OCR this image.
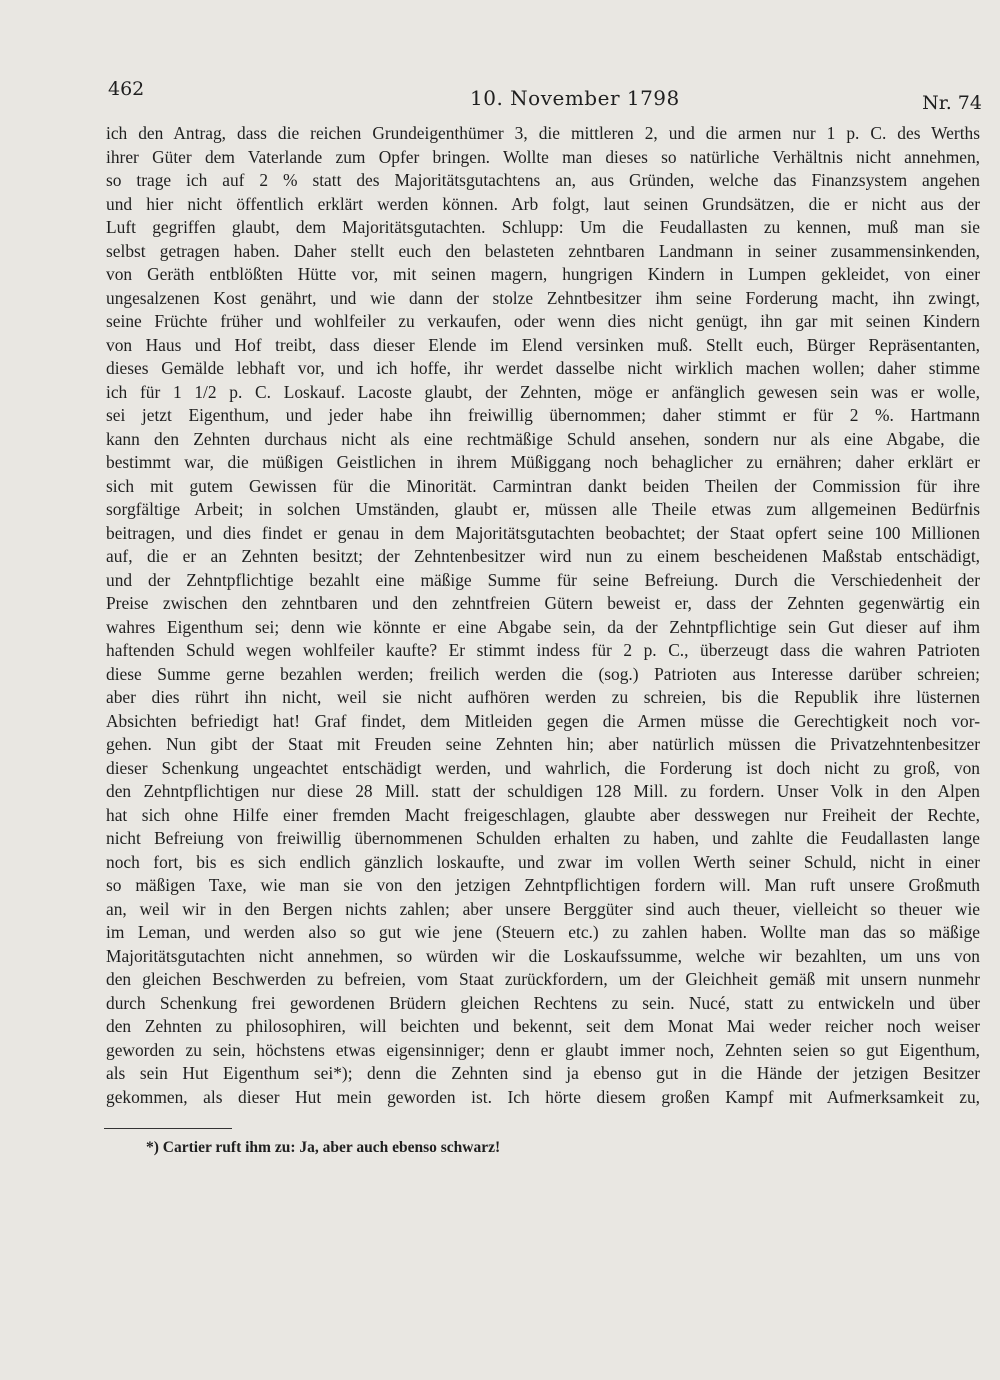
462	10. November 1798	Nr. 74
ich den Antrag, dass die reichen Grundeigenthümer 3, die mittleren 2, und die armen nur 1 p. C. des Werths
ihrer Güter dem Vaterlande zum Opfer bringen. Wollte man dieses so natürliche Verhältnis nicht annehmen,
so trage ich auf 2 % statt des Majoritätsgutachtens an, aus Gründen, welche das Finanzsystem angehen
und hier nicht öffentlich erklärt werden können. Arb folgt, laut seinen Grundsätzen, die er nicht aus der
Luft gegriffen glaubt, dem Majoritätsgutachten. Schlupp: Um die Feudallasten zu kennen, muß man sie
selbst getragen haben. Daher stellt euch den belasteten zehntbaren Landmann in seiner zusammensinkenden,
von Geräth entblößten Hütte vor, mit seinen magern, hungrigen Kindern in Lumpen gekleidet, von einer
ungesalzenen Kost genährt, und wie dann der stolze Zehntbesitzer ihm seine Forderung macht, ihn zwingt,
seine Früchte früher und wohlfeiler zu verkaufen, oder wenn dies nicht genügt, ihn gar mit seinen Kindern
von Haus und Hof treibt, dass dieser Elende im Elend versinken muß. Stellt euch, Bürger Repräsentanten,
dieses Gemälde lebhaft vor, und ich hoffe, ihr werdet dasselbe nicht wirklich machen wollen; daher stimme
ich für 1 1/2 p. C. Loskauf. Lacoste glaubt, der Zehnten, möge er anfänglich gewesen sein was er wolle,
sei jetzt Eigenthum, und jeder habe ihn freiwillig übernommen; daher stimmt er für 2 %. Hartmann
kann den Zehnten durchaus nicht als eine rechtmäßige Schuld ansehen, sondern nur als eine Abgabe, die
bestimmt war, die müßigen Geistlichen in ihrem Müßiggang noch behaglicher zu ernähren; daher erklärt er
sich mit gutem Gewissen für die Minorität. Carmintran dankt beiden Theilen der Commission für ihre
sorgfältige Arbeit; in solchen Umständen, glaubt er, müssen alle Theile etwas zum allgemeinen Bedürfnis
beitragen, und dies findet er genau in dem Majoritätsgutachten beobachtet; der Staat opfert seine 100 Millionen
auf, die er an Zehnten besitzt; der Zehntenbesitzer wird nun zu einem bescheidenen Maßstab entschädigt,
und der Zehntpflichtige bezahlt eine mäßige Summe für seine Befreiung. Durch die Verschiedenheit der
Preise zwischen den zehntbaren und den zehntfreien Gütern beweist er, dass der Zehnten gegenwärtig ein
wahres Eigenthum sei; denn wie könnte er eine Abgabe sein, da der Zehntpflichtige sein Gut dieser auf ihm
haftenden Schuld wegen wohlfeiler kaufte? Er stimmt indess für 2 p. C., überzeugt dass die wahren Patrioten
diese Summe gerne bezahlen werden; freilich werden die (sog.) Patrioten aus Interesse darüber schreien;
aber dies rührt ihn nicht, weil sie nicht aufhören werden zu schreien, bis die Republik ihre lüsternen
Absichten befriedigt hat! Graf findet, dem Mitleiden gegen die Armen müsse die Gerechtigkeit noch vor-
gehen. Nun gibt der Staat mit Freuden seine Zehnten hin; aber natürlich müssen die Privatzehntenbesitzer
dieser Schenkung ungeachtet entschädigt werden, und wahrlich, die Forderung ist doch nicht zu groß, von
den Zehntpflichtigen nur diese 28 Mill. statt der schuldigen 128 Mill. zu fordern. Unser Volk in den Alpen
hat sich ohne Hilfe einer fremden Macht freigeschlagen, glaubte aber desswegen nur Freiheit der Rechte,
nicht Befreiung von freiwillig übernommenen Schulden erhalten zu haben, und zahlte die Feudallasten lange
noch fort, bis es sich endlich gänzlich loskaufte, und zwar im vollen Werth seiner Schuld, nicht in einer
so mäßigen Taxe, wie man sie von den jetzigen Zehntpflichtigen fordern will. Man ruft unsere Großmuth
an, weil wir in den Bergen nichts zahlen; aber unsere Berggüter sind auch theuer, vielleicht so theuer wie
im Leman, und werden also so gut wie jene (Steuern etc.) zu zahlen haben. Wollte man das so mäßige
Majoritätsgutachten nicht annehmen, so würden wir die Loskaufssumme, welche wir bezahlten, um uns von
den gleichen Beschwerden zu befreien, vom Staat zurückfordern, um der Gleichheit gemäß mit unsern nunmehr
durch Schenkung frei gewordenen Brüdern gleichen Rechtens zu sein. Nucé, statt zu entwickeln und über
den Zehnten zu philosophiren, will beichten und bekennt, seit dem Monat Mai weder reicher noch weiser
geworden zu sein, höchstens etwas eigensinniger; denn er glaubt immer noch, Zehnten seien so gut Eigenthum,
als sein Hut Eigenthum sei*); denn die Zehnten sind ja ebenso gut in die Hände der jetzigen Besitzer
gekommen, als dieser Hut mein geworden ist. Ich hörte diesem großen Kampf mit Aufmerksamkeit zu,
*) Cartier ruft ihm zu: Ja, aber auch ebenso schwarz!
